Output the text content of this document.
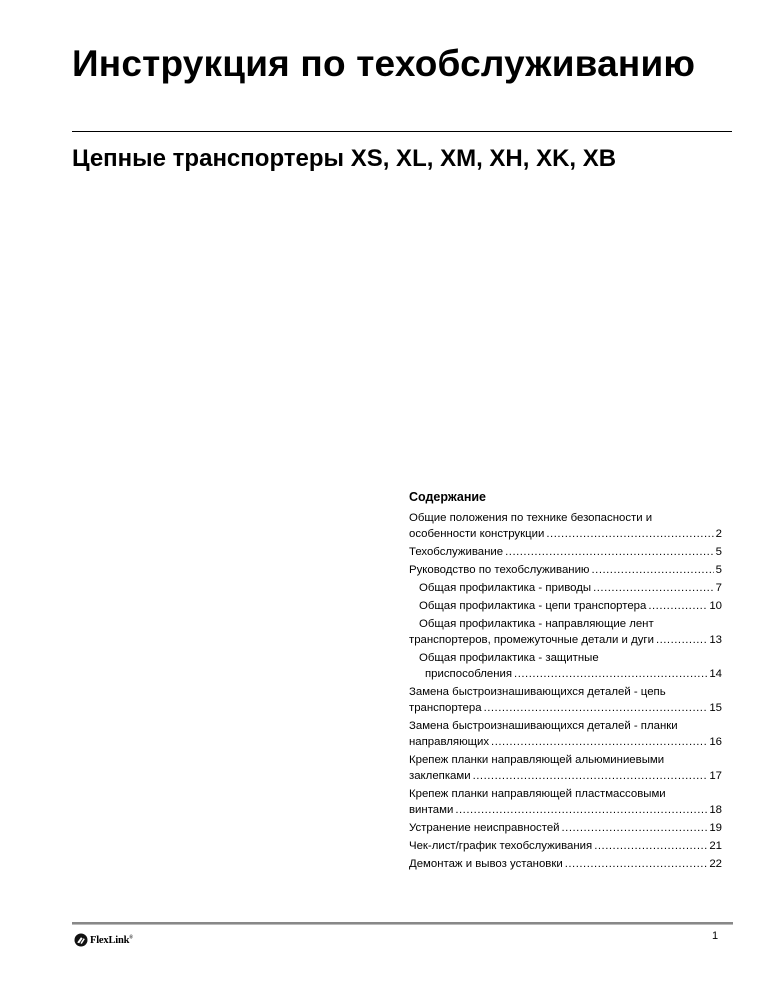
Инструкция по техобслуживанию
Цепные транспортеры XS, XL, XM, XH, XK, XB
Содержание
Общие положения по технике безопасности и
особенности конструкции .....	2
Техобслуживание .....	5
Руководство по техобслуживанию .....	5
Общая профилактика - приводы .....	7
Общая профилактика - цепи транспортера .....	10
Общая профилактика - направляющие лент
транспортеров, промежуточные детали и дуги .....	13
Общая профилактика - защитные
приспособления .....	14
Замена быстроизнашивающихся деталей - цепь
транспортера .....	15
Замена быстроизнашивающихся деталей - планки
направляющих .....	16
Крепеж планки направляющей альюминиевыми
заклепками .....	17
Крепеж планки направляющей пластмассовыми
винтами .....	18
Устранение неисправностей .....	19
Чек-лист/график техобслуживания .....	21
Демонтаж и вывоз установки .....	22
FlexLink®	1
